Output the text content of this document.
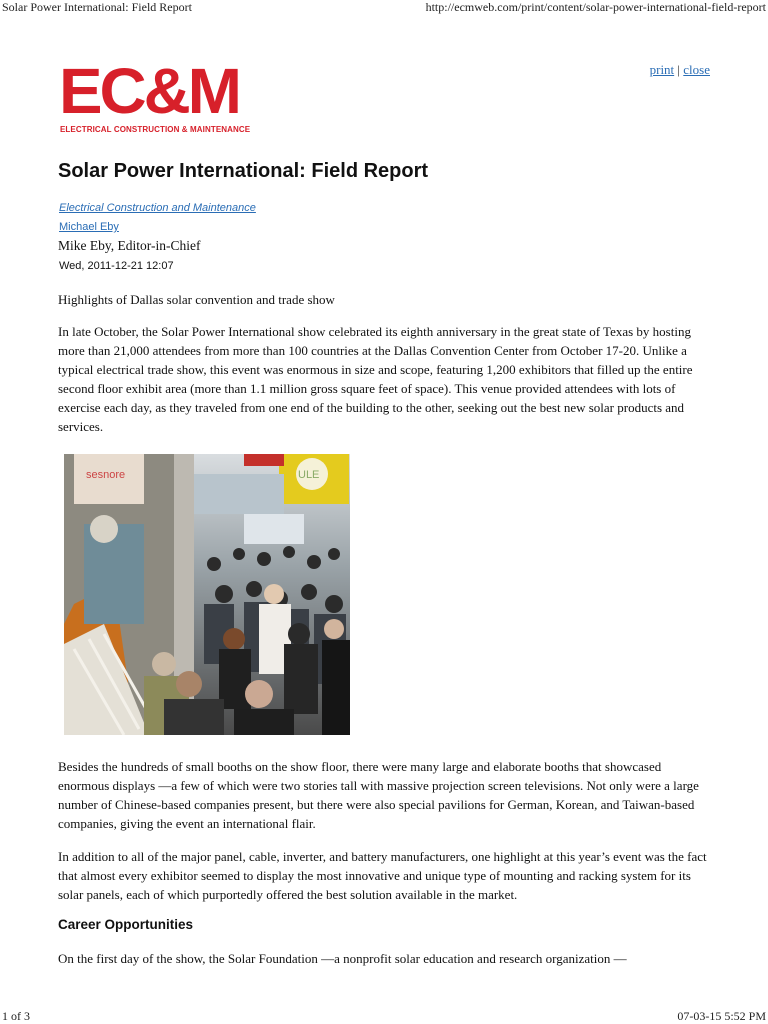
Solar Power International: Field Report	http://ecmweb.com/print/content/solar-power-international-field-report
EC&M
ELECTRICAL CONSTRUCTION & MAINTENANCE
print | close
Solar Power International: Field Report
Electrical Construction and Maintenance
Michael Eby
Mike Eby, Editor-in-Chief
Wed, 2011-12-21 12:07

Highlights of Dallas solar convention and trade show

In late October, the Solar Power International show celebrated its eighth anniversary in the great state of Texas by hosting more than 21,000 attendees from more than 100 countries at the Dallas Convention Center from October 17-20. Unlike a typical electrical trade show, this event was enormous in size and scope, featuring 1,200 exhibitors that filled up the entire second floor exhibit area (more than 1.1 million gross square feet of space). This venue provided attendees with lots of exercise each day, as they traveled from one end of the building to the other, seeking out the best new solar products and services.

sesnore	ULE

Besides the hundreds of small booths on the show floor, there were many large and elaborate booths that showcased enormous displays —a few of which were two stories tall with massive projection screen televisions. Not only were a large number of Chinese-based companies present, but there were also special pavilions for German, Korean, and Taiwan-based companies, giving the event an international flair.

In addition to all of the major panel, cable, inverter, and battery manufacturers, one highlight at this year’s event was the fact that almost every exhibitor seemed to display the most innovative and unique type of mounting and racking system for its solar panels, each of which purportedly offered the best solution available in the market.

Career Opportunities

On the first day of the show, the Solar Foundation —a nonprofit solar education and research organization —

1 of 3	07-03-15 5:52 PM
